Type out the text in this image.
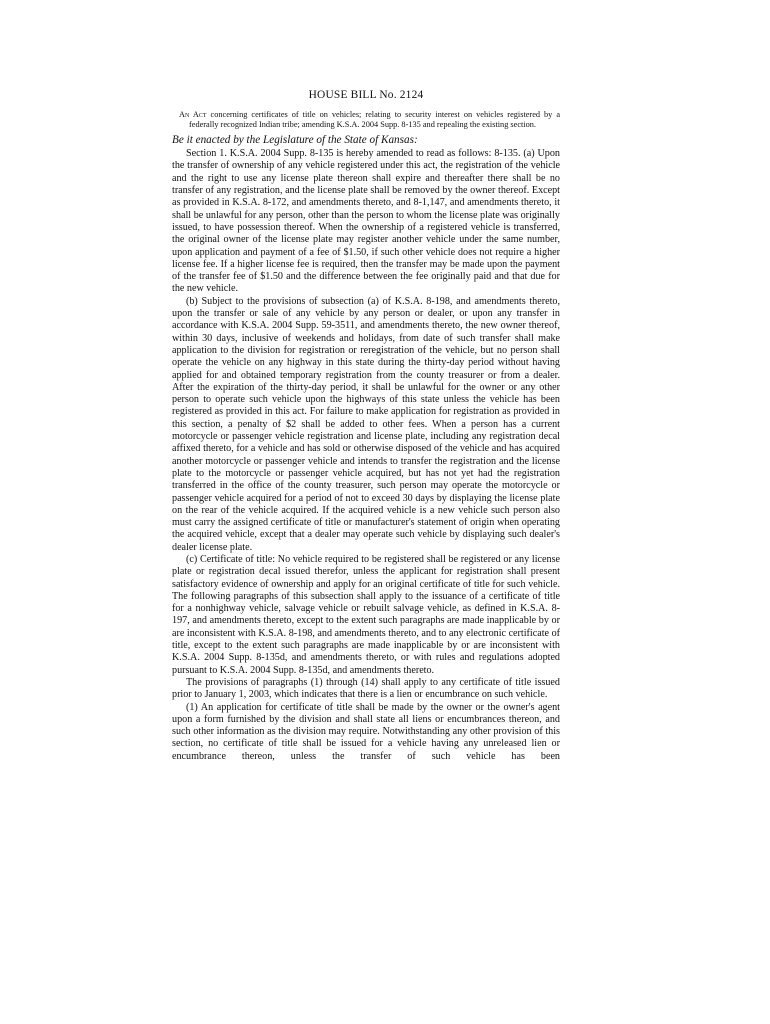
HOUSE BILL No. 2124
An Act concerning certificates of title on vehicles; relating to security interest on vehicles registered by a federally recognized Indian tribe; amending K.S.A. 2004 Supp. 8-135 and repealing the existing section.
Be it enacted by the Legislature of the State of Kansas:

Section 1. K.S.A. 2004 Supp. 8-135 is hereby amended to read as follows: 8-135. (a) Upon the transfer of ownership of any vehicle registered under this act, the registration of the vehicle and the right to use any license plate thereon shall expire and thereafter there shall be no transfer of any registration, and the license plate shall be removed by the owner thereof. Except as provided in K.S.A. 8-172, and amendments thereto, and 8-1,147, and amendments thereto, it shall be unlawful for any person, other than the person to whom the license plate was originally issued, to have possession thereof. When the ownership of a registered vehicle is transferred, the original owner of the license plate may register another vehicle under the same number, upon application and payment of a fee of $1.50, if such other vehicle does not require a higher license fee. If a higher license fee is required, then the transfer may be made upon the payment of the transfer fee of $1.50 and the difference between the fee originally paid and that due for the new vehicle.

(b) Subject to the provisions of subsection (a) of K.S.A. 8-198, and amendments thereto, upon the transfer or sale of any vehicle by any person or dealer, or upon any transfer in accordance with K.S.A. 2004 Supp. 59-3511, and amendments thereto, the new owner thereof, within 30 days, inclusive of weekends and holidays, from date of such transfer shall make application to the division for registration or reregistration of the vehicle, but no person shall operate the vehicle on any highway in this state during the thirty-day period without having applied for and obtained temporary registration from the county treasurer or from a dealer. After the expiration of the thirty-day period, it shall be unlawful for the owner or any other person to operate such vehicle upon the highways of this state unless the vehicle has been registered as provided in this act. For failure to make application for registration as provided in this section, a penalty of $2 shall be added to other fees. When a person has a current motorcycle or passenger vehicle registration and license plate, including any registration decal affixed thereto, for a vehicle and has sold or otherwise disposed of the vehicle and has acquired another motorcycle or passenger vehicle and intends to transfer the registration and the license plate to the motorcycle or passenger vehicle acquired, but has not yet had the registration transferred in the office of the county treasurer, such person may operate the motorcycle or passenger vehicle acquired for a period of not to exceed 30 days by displaying the license plate on the rear of the vehicle acquired. If the acquired vehicle is a new vehicle such person also must carry the assigned certificate of title or manufacturer's statement of origin when operating the acquired vehicle, except that a dealer may operate such vehicle by displaying such dealer's dealer license plate.

(c) Certificate of title: No vehicle required to be registered shall be registered or any license plate or registration decal issued therefor, unless the applicant for registration shall present satisfactory evidence of ownership and apply for an original certificate of title for such vehicle. The following paragraphs of this subsection shall apply to the issuance of a certificate of title for a nonhighway vehicle, salvage vehicle or rebuilt salvage vehicle, as defined in K.S.A. 8-197, and amendments thereto, except to the extent such paragraphs are made inapplicable by or are inconsistent with K.S.A. 8-198, and amendments thereto, and to any electronic certificate of title, except to the extent such paragraphs are made inapplicable by or are inconsistent with K.S.A. 2004 Supp. 8-135d, and amendments thereto, or with rules and regulations adopted pursuant to K.S.A. 2004 Supp. 8-135d, and amendments thereto.

The provisions of paragraphs (1) through (14) shall apply to any certificate of title issued prior to January 1, 2003, which indicates that there is a lien or encumbrance on such vehicle.

(1) An application for certificate of title shall be made by the owner or the owner's agent upon a form furnished by the division and shall state all liens or encumbrances thereon, and such other information as the division may require. Notwithstanding any other provision of this section, no certificate of title shall be issued for a vehicle having any unreleased lien or encumbrance thereon, unless the transfer of such vehicle has been
